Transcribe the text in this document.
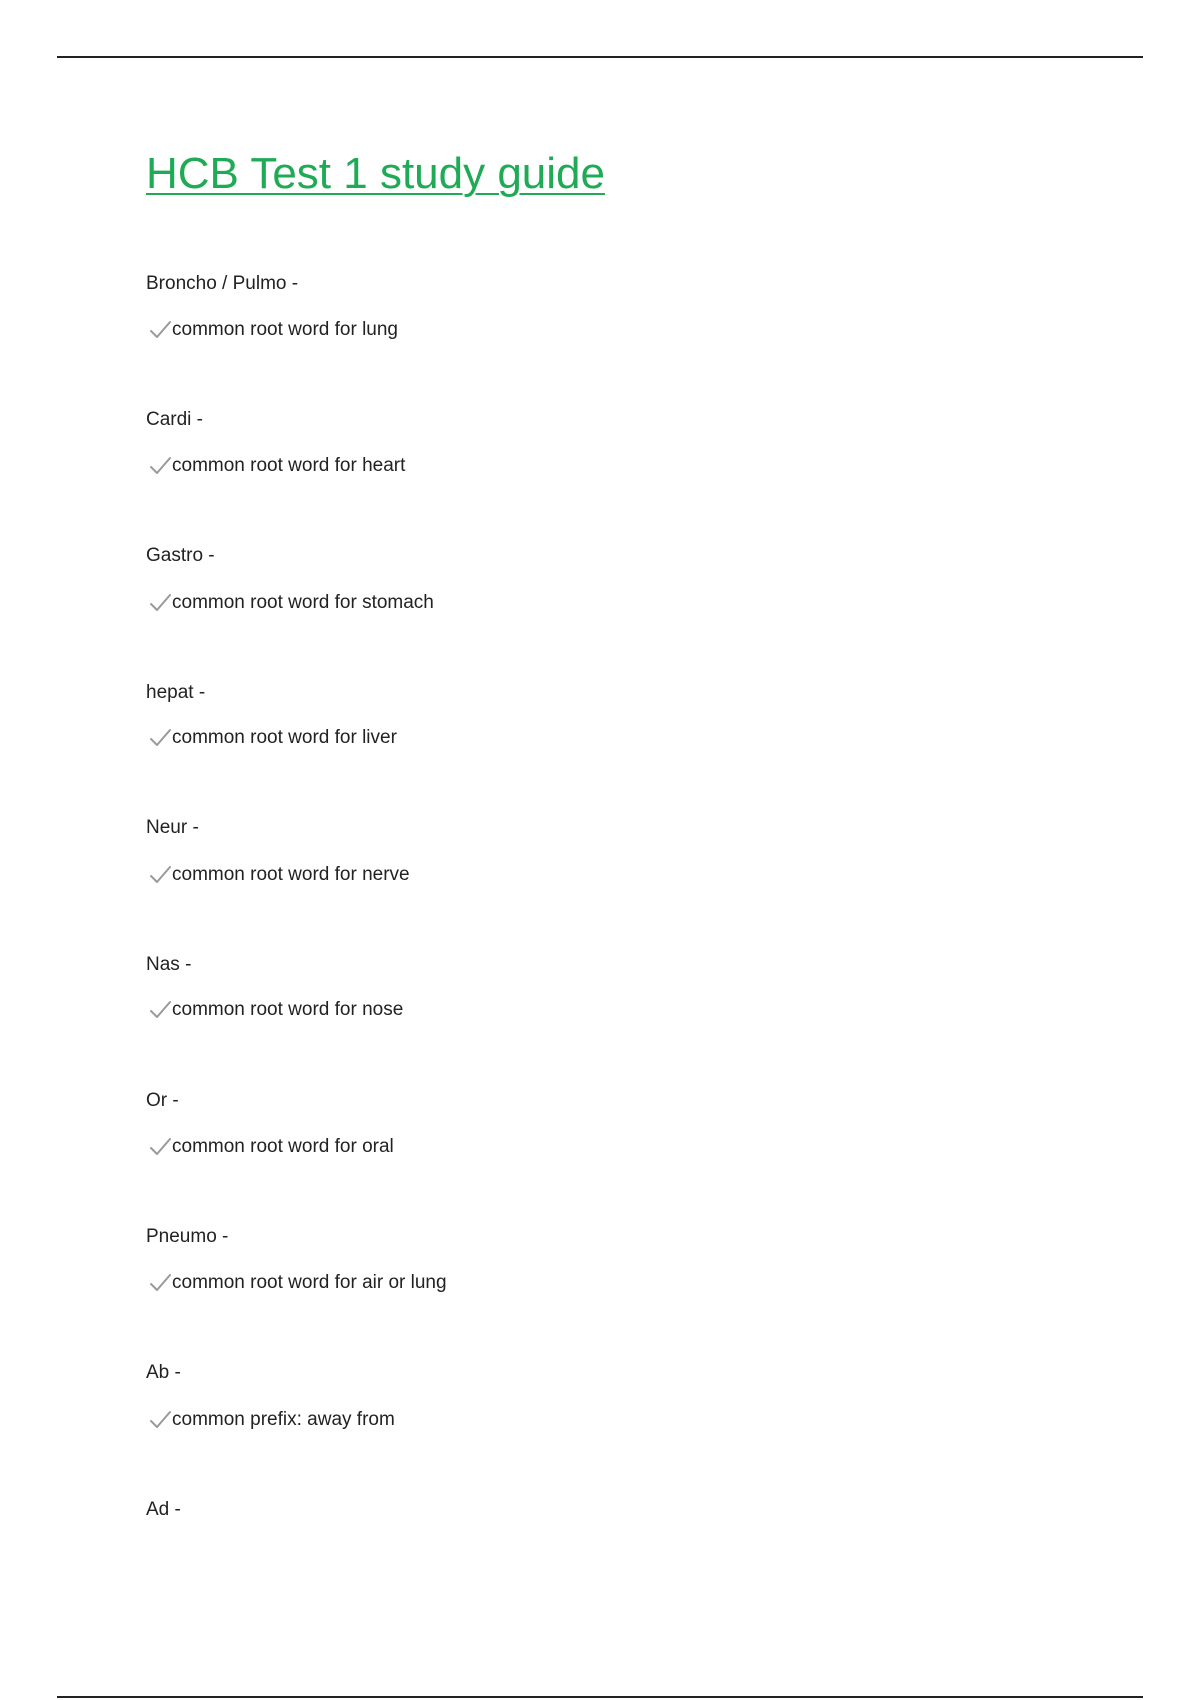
HCB Test 1 study guide

Broncho / Pulmo -

common root word for lung

Cardi -

common root word for heart

Gastro -

common root word for stomach

hepat -

common root word for liver

Neur -

common root word for nerve

Nas -

common root word for nose

Or -

common root word for oral

Pneumo -

common root word for air or lung

Ab -

common prefix: away from

Ad -
